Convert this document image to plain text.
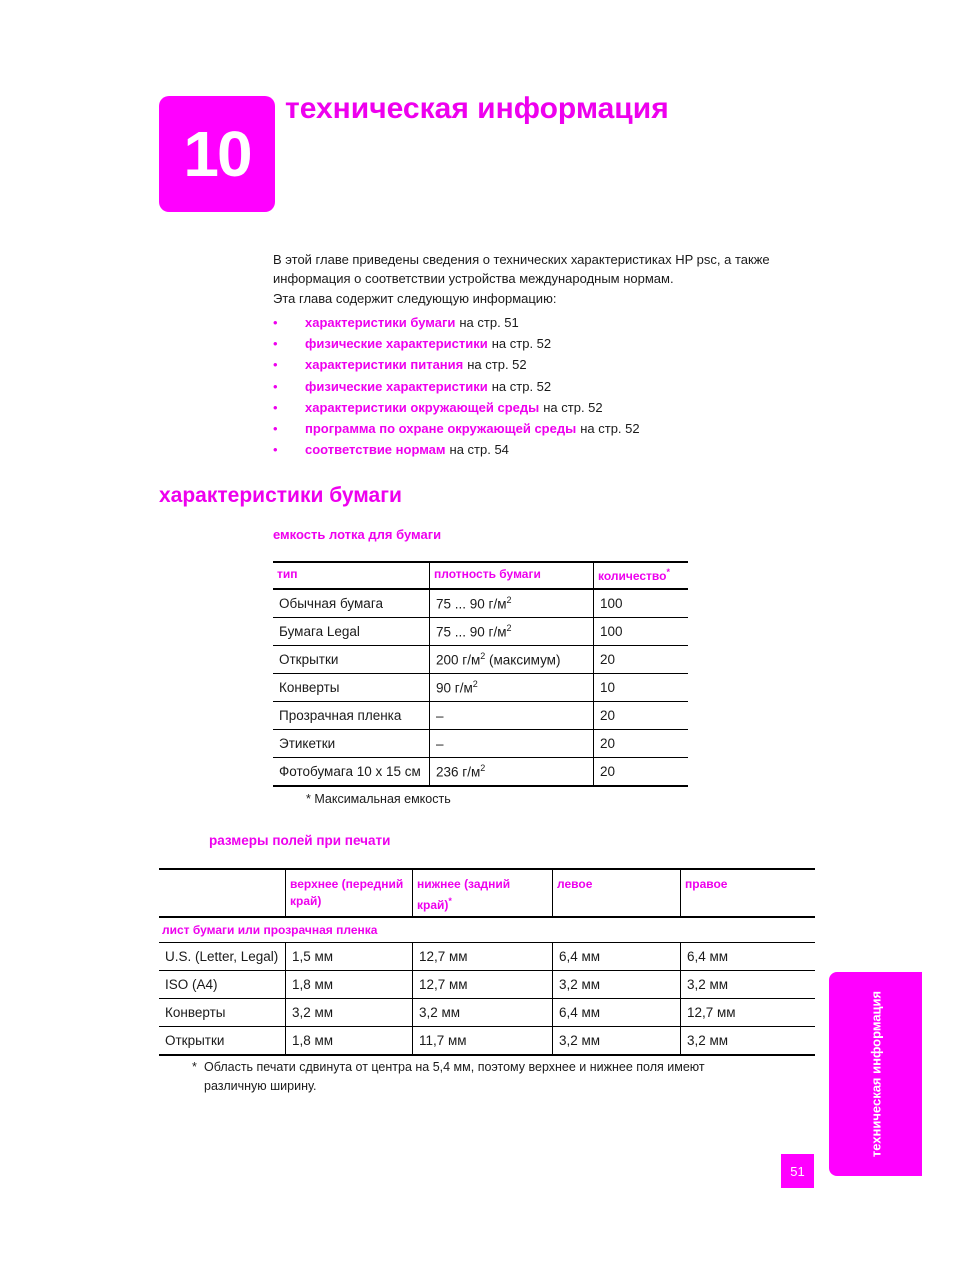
10
техническая информация

В этой главе приведены сведения о технических характеристиках HP psc, а также информация о соответствии устройства международным нормам.

Эта глава содержит следующую информацию:

•	характеристики бумаги на стр. 51
•	физические характеристики на стр. 52
•	характеристики питания на стр. 52
•	физические характеристики на стр. 52
•	характеристики окружающей среды на стр. 52
•	программа по охране окружающей среды на стр. 52
•	соответствие нормам на стр. 54
характеристики бумаги
емкость лотка для бумаги
тип	плотность бумаги	количество*
Обычная бумага	75 ... 90 $г/м^2$	100
Бумага Legal	75 ... 90 $г/м^2$	100
Открытки	200 $г/м^2$ (максимум)	20
Конверты	90 $г/м^2$	10
Прозрачная пленка	–	20
Этикетки	–	20
Фотобумага 10 x 15 см	236 $г/м^2$	20

* Максимальная емкость

размеры полей при печати
	верхнее (передний край)	нижнее (задний край)*	левое	правое
лист бумаги или прозрачная пленка				
U.S. (Letter, Legal)	1,5 мм	12,7 мм	6,4 мм	6,4 мм
ISO (A4)	1,8 мм	12,7 мм	3,2 мм	3,2 мм
Конверты	3,2 мм	3,2 мм	6,4 мм	12,7 мм
Открытки	1,8 мм	11,7 мм	3,2 мм	3,2 мм

* Область печати сдвинута от центра на 5,4 мм, поэтому верхнее и нижнее поля имеют различную ширину.	техническая информация
51
